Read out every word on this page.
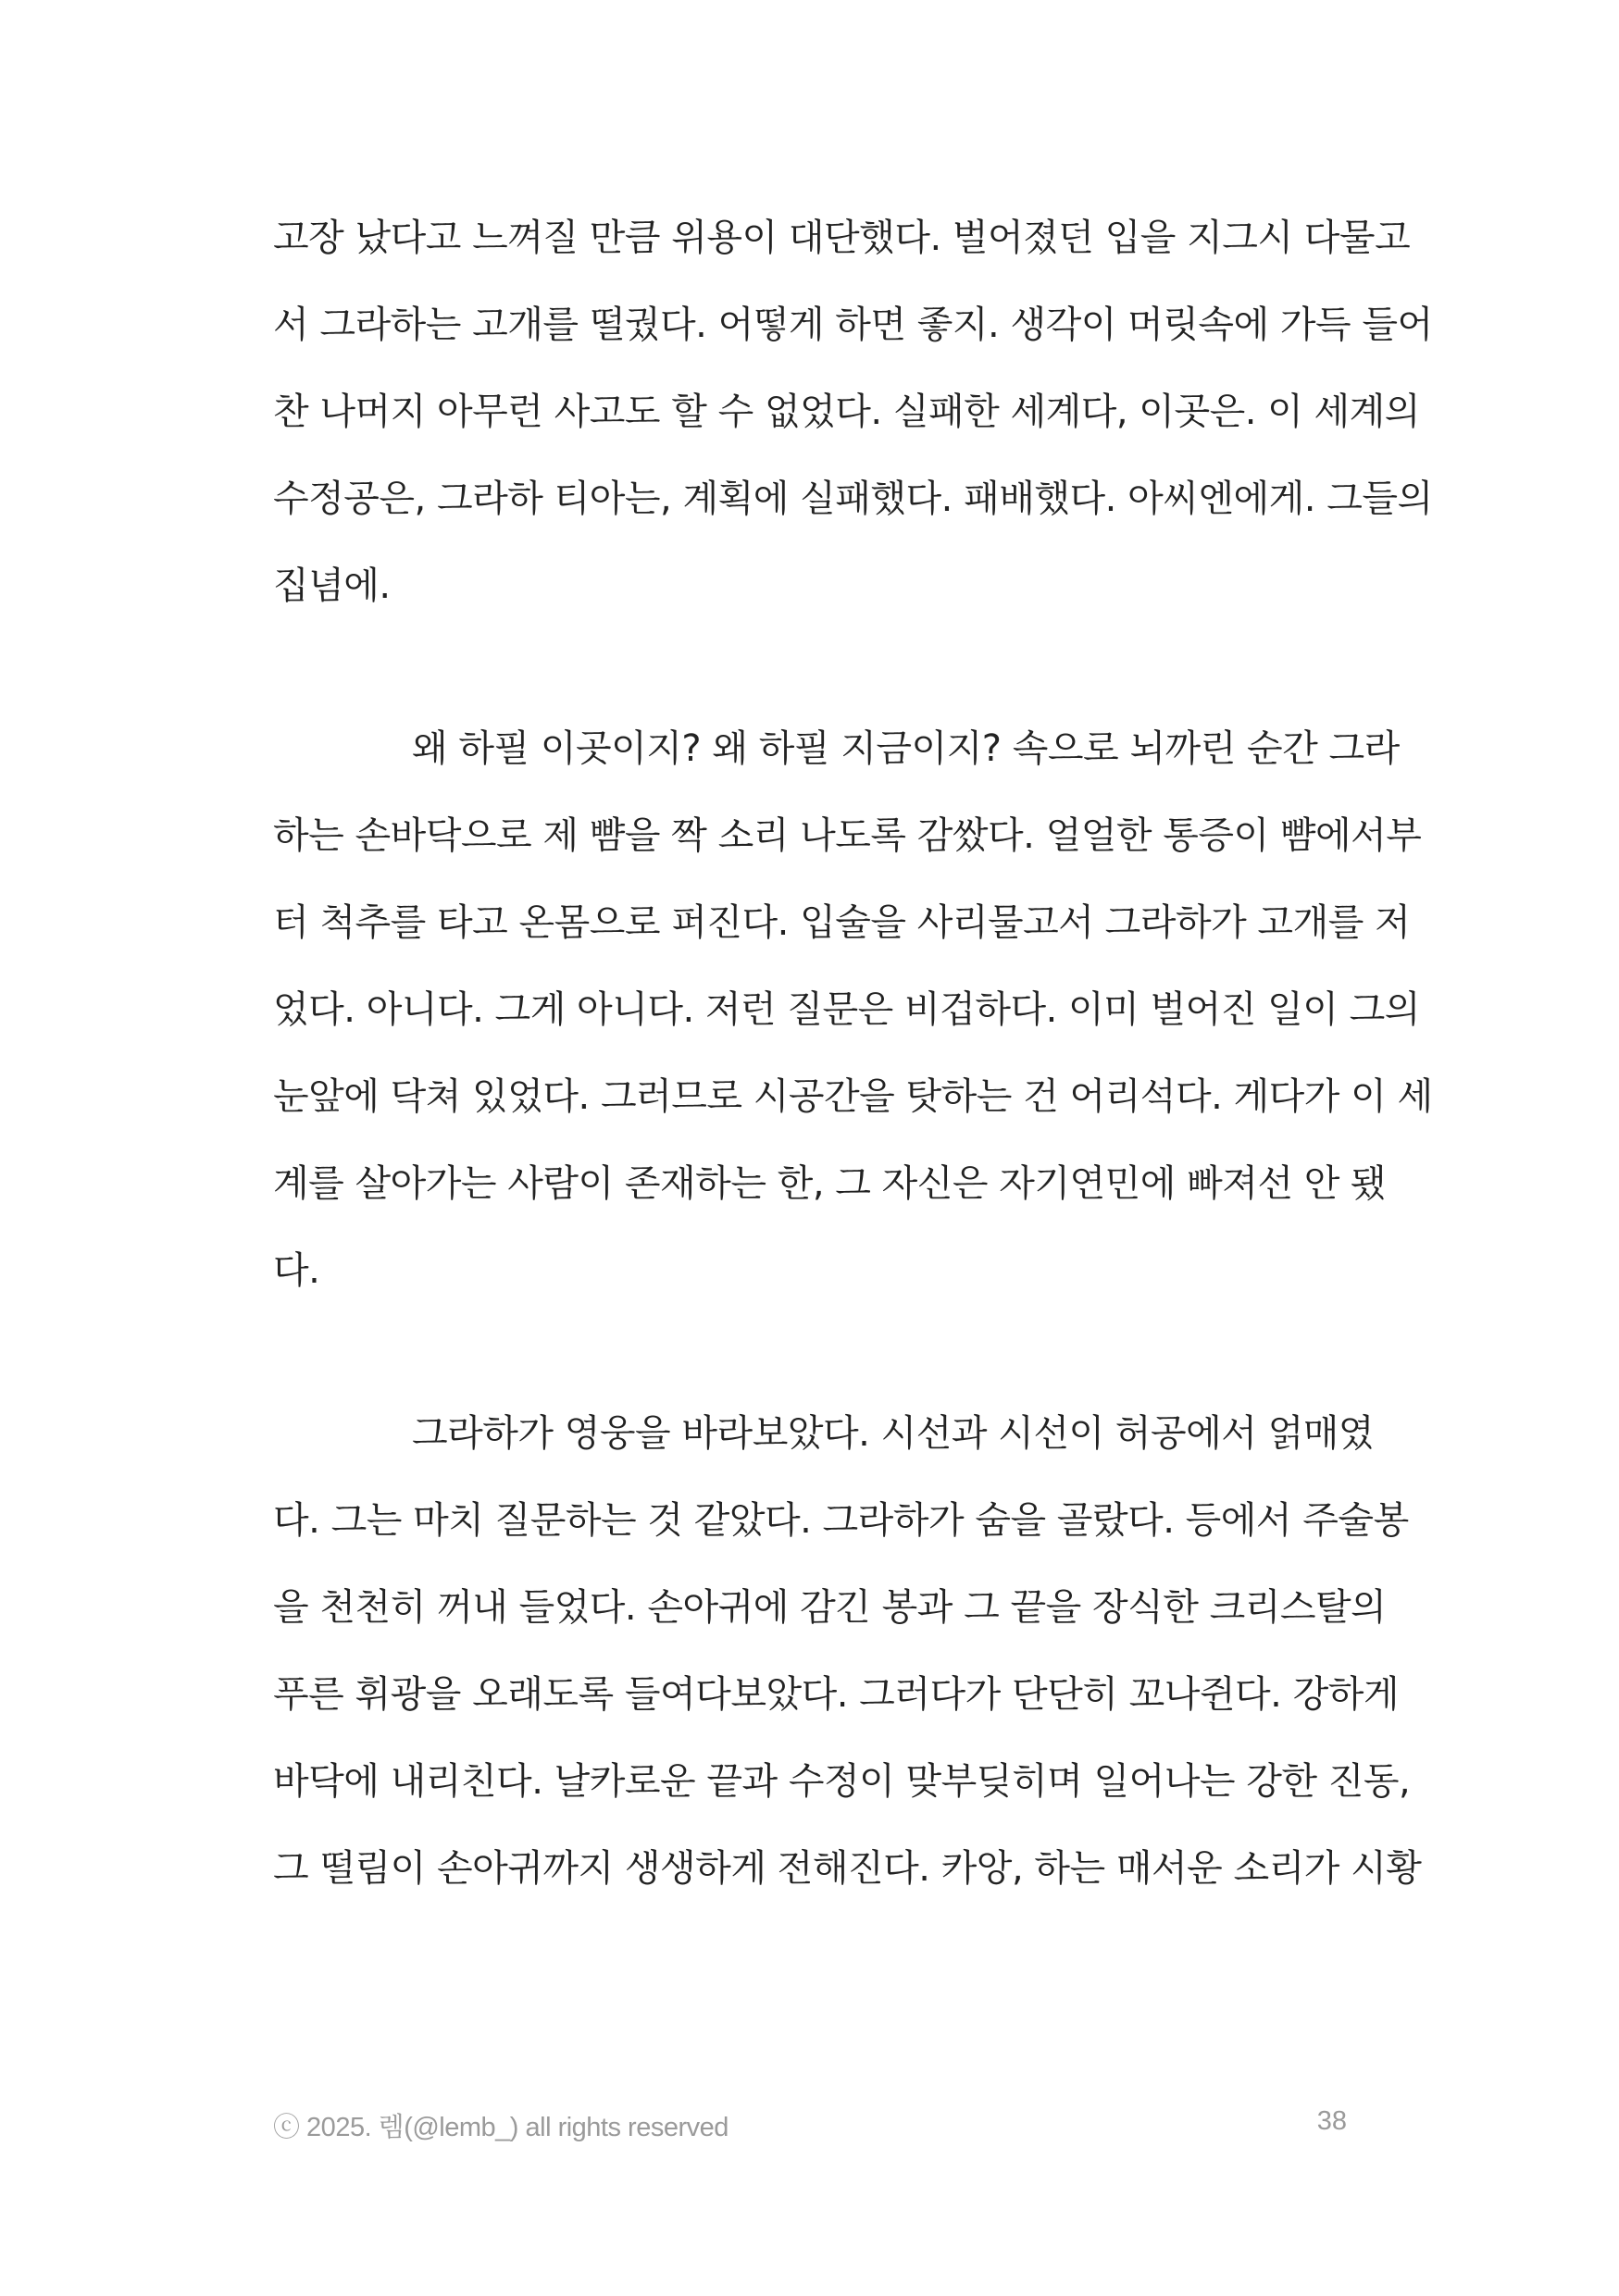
고장 났다고 느껴질 만큼 위용이 대단했다. 벌어졌던 입을 지그시 다물고
서 그라하는 고개를 떨궜다. 어떻게 하면 좋지. 생각이 머릿속에 가득 들어
찬 나머지 아무런 사고도 할 수 없었다. 실패한 세계다, 이곳은. 이 세계의
수정공은, 그라하 티아는, 계획에 실패했다. 패배했다. 아씨엔에게. 그들의
집념에.
왜 하필 이곳이지? 왜 하필 지금이지? 속으로 뇌까린 순간 그라
하는 손바닥으로 제 뺨을 짝 소리 나도록 감쌌다. 얼얼한 통증이 뺨에서부
터 척추를 타고 온몸으로 퍼진다. 입술을 사리물고서 그라하가 고개를 저
었다. 아니다. 그게 아니다. 저런 질문은 비겁하다. 이미 벌어진 일이 그의
눈앞에 닥쳐 있었다. 그러므로 시공간을 탓하는 건 어리석다. 게다가 이 세
계를 살아가는 사람이 존재하는 한, 그 자신은 자기연민에 빠져선 안 됐
다.
그라하가 영웅을 바라보았다. 시선과 시선이 허공에서 얽매였
다. 그는 마치 질문하는 것 같았다. 그라하가 숨을 골랐다. 등에서 주술봉
을 천천히 꺼내 들었다. 손아귀에 감긴 봉과 그 끝을 장식한 크리스탈의
푸른 휘광을 오래도록 들여다보았다. 그러다가 단단히 꼬나쥔다. 강하게
바닥에 내리친다. 날카로운 끝과 수정이 맞부딪히며 일어나는 강한 진동,
그 떨림이 손아귀까지 생생하게 전해진다. 카앙, 하는 매서운 소리가 시황
ⓒ 2025. 렘(@lemb_) all rights reserved	38
